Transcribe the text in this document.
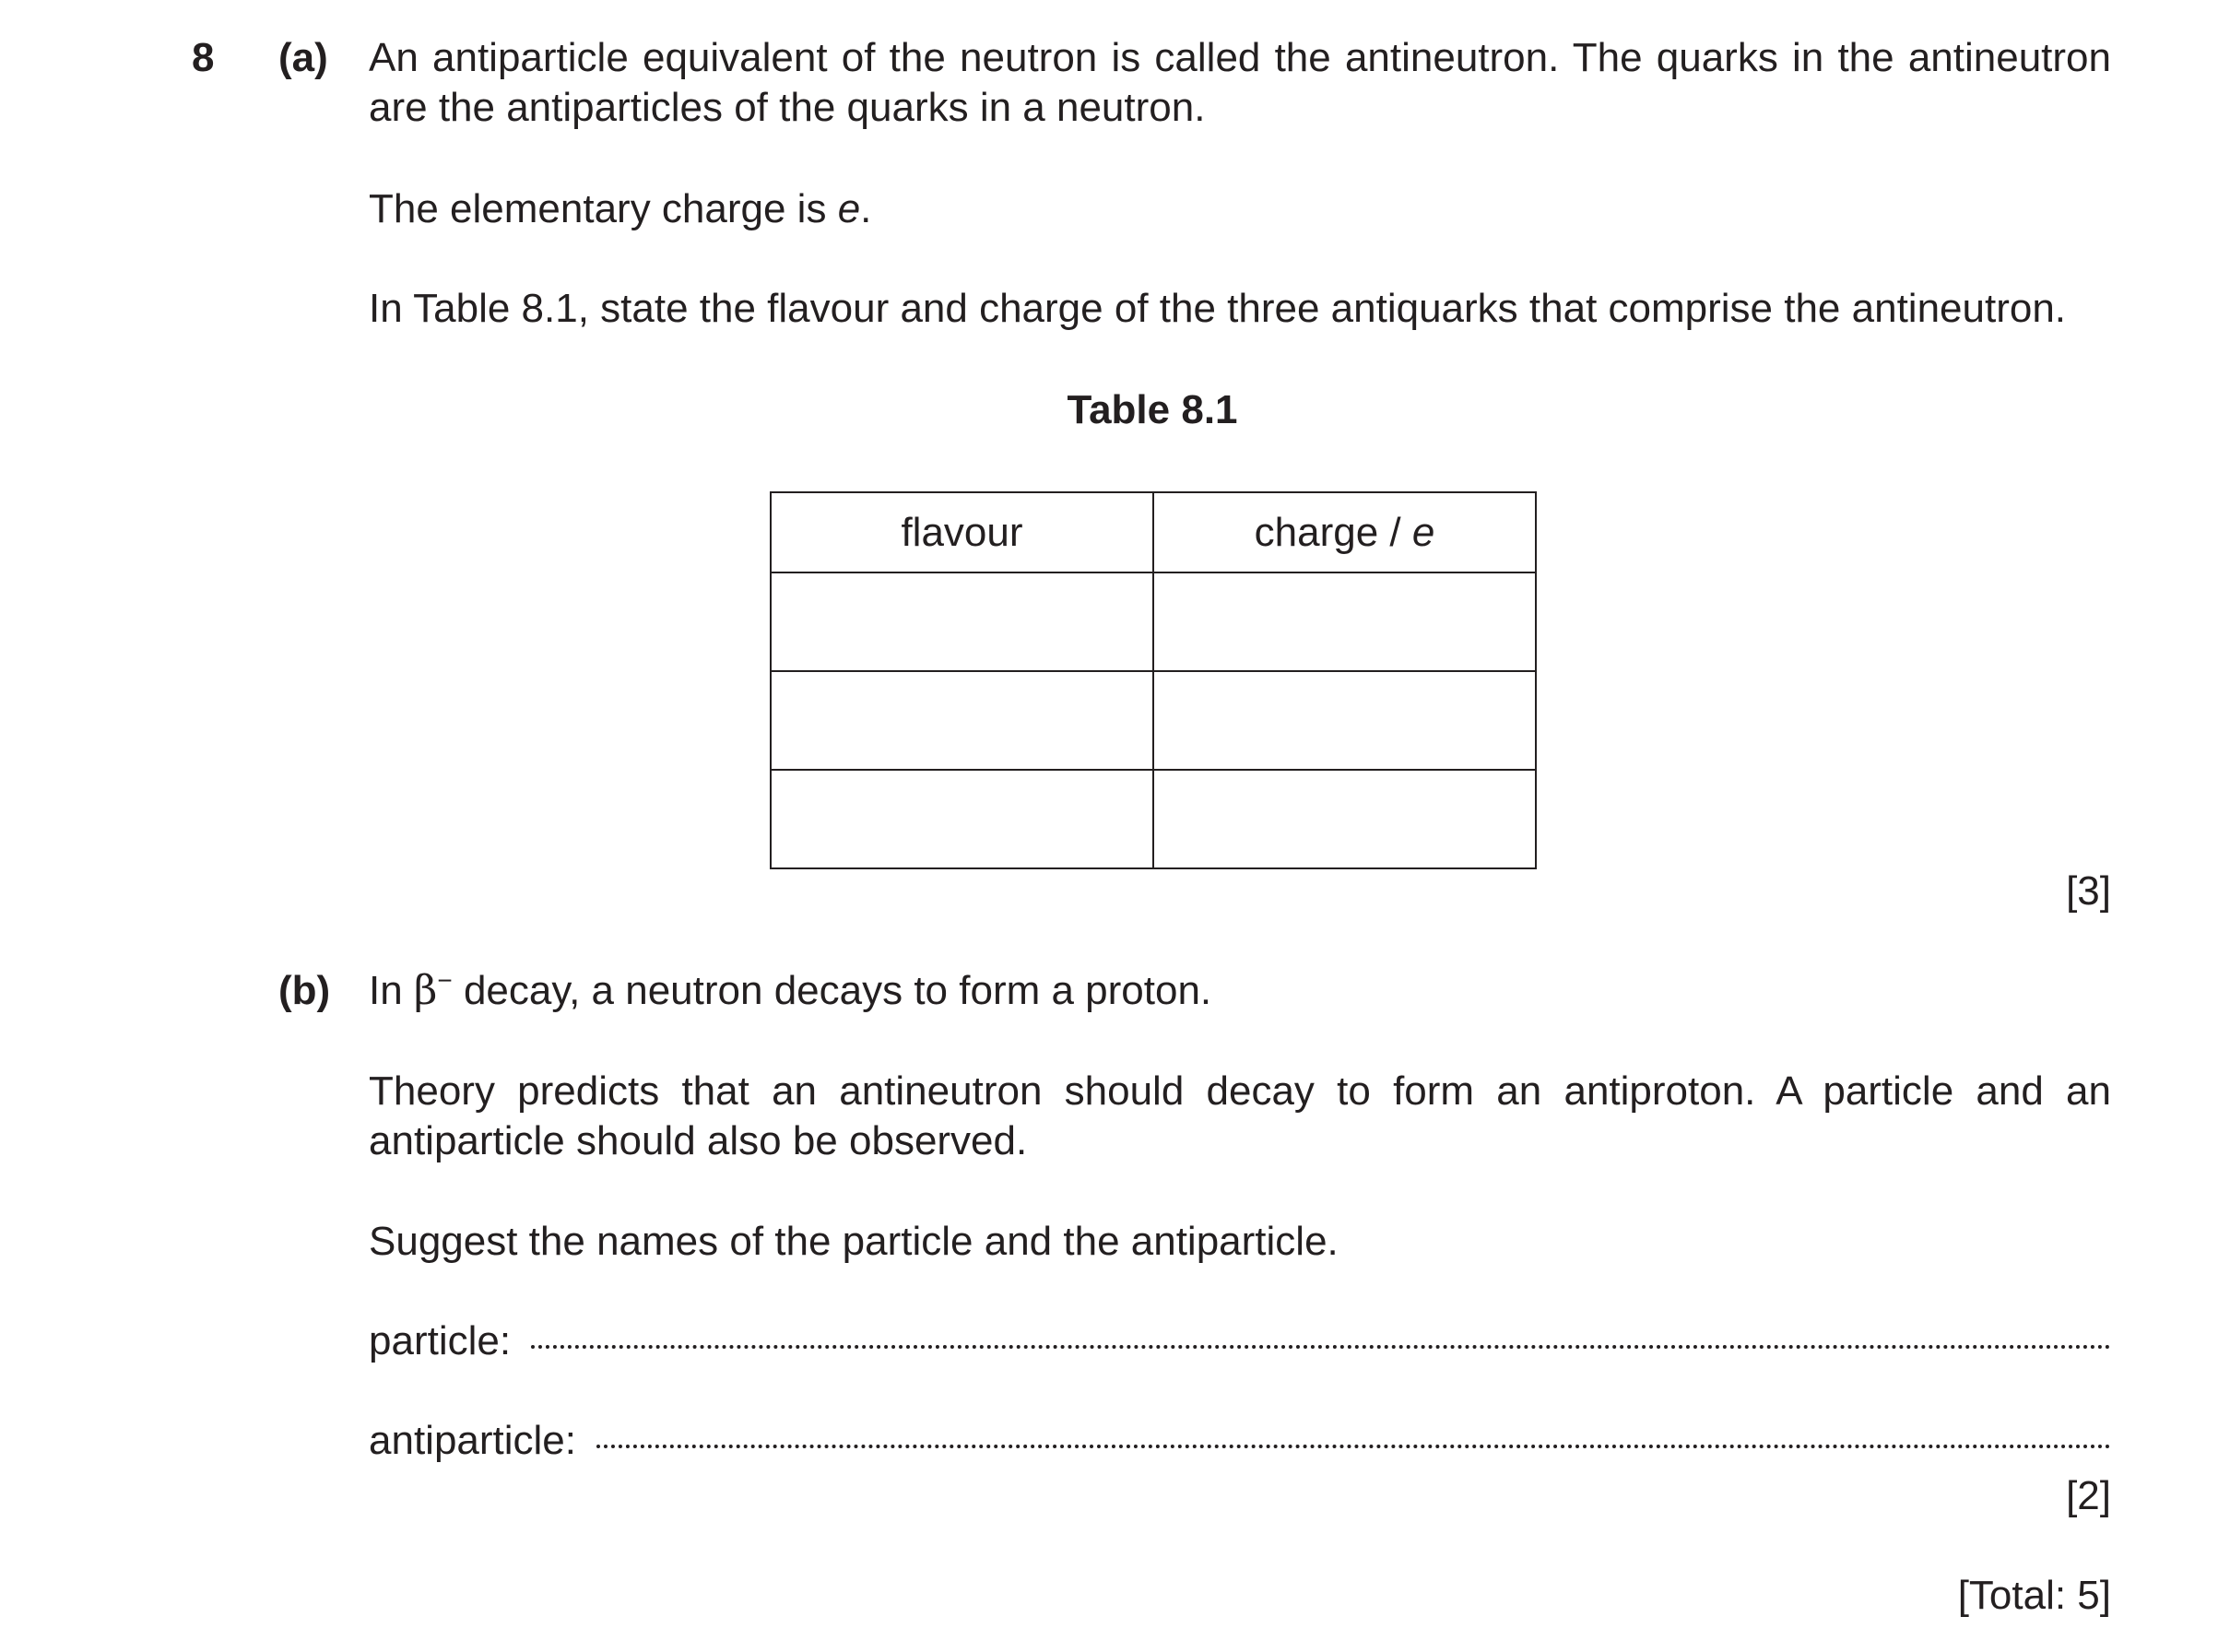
8 (a) An antiparticle equivalent of the neutron is called the antineutron. The quarks in the antineutron are the antiparticles of the quarks in a neutron.
The elementary charge is e.
In Table 8.1, state the flavour and charge of the three antiquarks that comprise the antineutron.
Table 8.1
flavour	charge / e

[3]
(b) In β− decay, a neutron decays to form a proton.
Theory predicts that an antineutron should decay to form an antiproton. A particle and an antiparticle should also be observed.
Suggest the names of the particle and the antiparticle.
particle:
antiparticle:
[2]
[Total: 5]
